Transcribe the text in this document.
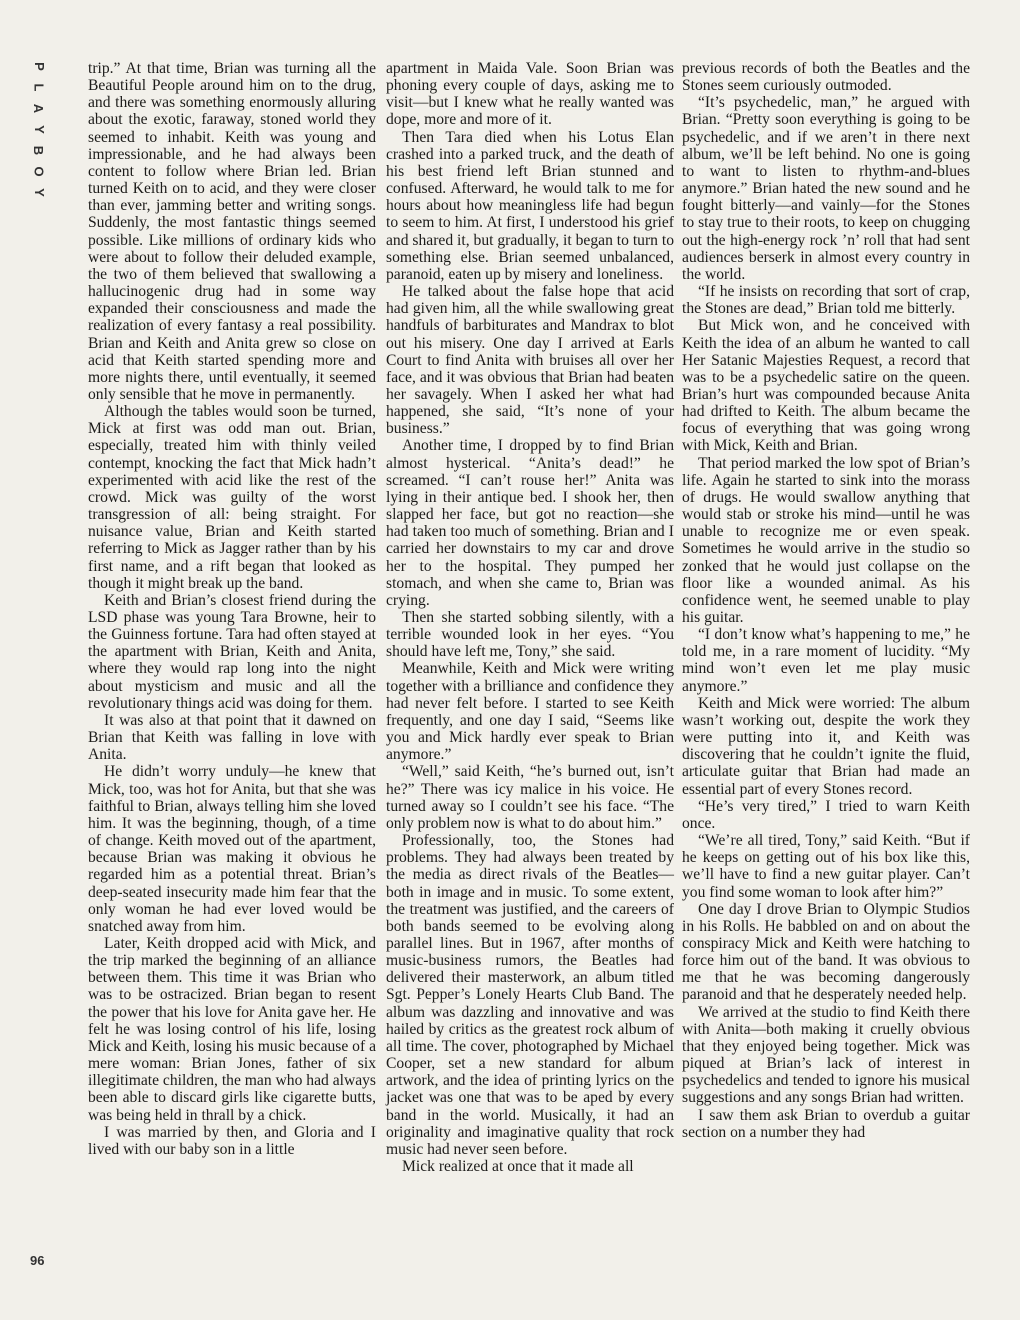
P
L
A
Y
B
O
Y
96

trip.” At that time, Brian was turning all the Beautiful People around him on to the drug, and there was something enormously alluring about the exotic, faraway, stoned world they seemed to inhabit. Keith was young and impressionable, and he had always been content to follow where Brian led. Brian turned Keith on to acid, and they were closer than ever, jamming better and writing songs. Suddenly, the most fantastic things seemed possible. Like millions of ordinary kids who were about to follow their deluded example, the two of them believed that swallowing a hallucinogenic drug had in some way expanded their consciousness and made the realization of every fantasy a real possibility. Brian and Keith and Anita grew so close on acid that Keith started spending more and more nights there, until eventually, it seemed only sensible that he move in permanently.

Although the tables would soon be turned, Mick at first was odd man out. Brian, especially, treated him with thinly veiled contempt, knocking the fact that Mick hadn’t experimented with acid like the rest of the crowd. Mick was guilty of the worst transgression of all: being straight. For nuisance value, Brian and Keith started referring to Mick as Jagger rather than by his first name, and a rift began that looked as though it might break up the band.

Keith and Brian’s closest friend during the LSD phase was young Tara Browne, heir to the Guinness fortune. Tara had often stayed at the apartment with Brian, Keith and Anita, where they would rap long into the night about mysticism and music and all the revolutionary things acid was doing for them.

It was also at that point that it dawned on Brian that Keith was falling in love with Anita.

He didn’t worry unduly—he knew that Mick, too, was hot for Anita, but that she was faithful to Brian, always telling him she loved him. It was the beginning, though, of a time of change. Keith moved out of the apartment, because Brian was making it obvious he regarded him as a potential threat. Brian’s deep-seated insecurity made him fear that the only woman he had ever loved would be snatched away from him.

Later, Keith dropped acid with Mick, and the trip marked the beginning of an alliance between them. This time it was Brian who was to be ostracized. Brian began to resent the power that his love for Anita gave her. He felt he was losing control of his life, losing Mick and Keith, losing his music because of a mere woman: Brian Jones, father of six illegitimate children, the man who had always been able to discard girls like cigarette butts, was being held in thrall by a chick.

I was married by then, and Gloria and I lived with our baby son in a little

apartment in Maida Vale. Soon Brian was phoning every couple of days, asking me to visit—but I knew what he really wanted was dope, more and more of it.

Then Tara died when his Lotus Elan crashed into a parked truck, and the death of his best friend left Brian stunned and confused. Afterward, he would talk to me for hours about how meaningless life had begun to seem to him. At first, I understood his grief and shared it, but gradually, it began to turn to something else. Brian seemed unbalanced, paranoid, eaten up by misery and loneliness.

He talked about the false hope that acid had given him, all the while swallowing great handfuls of barbiturates and Mandrax to blot out his misery. One day I arrived at Earls Court to find Anita with bruises all over her face, and it was obvious that Brian had beaten her savagely. When I asked her what had happened, she said, “It’s none of your business.”

Another time, I dropped by to find Brian almost hysterical. “Anita’s dead!” he screamed. “I can’t rouse her!” Anita was lying in their antique bed. I shook her, then slapped her face, but got no reaction—she had taken too much of something. Brian and I carried her downstairs to my car and drove her to the hospital. They pumped her stomach, and when she came to, Brian was crying.

Then she started sobbing silently, with a terrible wounded look in her eyes. “You should have left me, Tony,” she said.

Meanwhile, Keith and Mick were writing together with a brilliance and confidence they had never felt before. I started to see Keith frequently, and one day I said, “Seems like you and Mick hardly ever speak to Brian anymore.”

“Well,” said Keith, “he’s burned out, isn’t he?” There was icy malice in his voice. He turned away so I couldn’t see his face. “The only problem now is what to do about him.”

Professionally, too, the Stones had problems. They had always been treated by the media as direct rivals of the Beatles—both in image and in music. To some extent, the treatment was justified, and the careers of both bands seemed to be evolving along parallel lines. But in 1967, after months of music-business rumors, the Beatles had delivered their masterwork, an album titled Sgt. Pepper’s Lonely Hearts Club Band. The album was dazzling and innovative and was hailed by critics as the greatest rock album of all time. The cover, photographed by Michael Cooper, set a new standard for album artwork, and the idea of printing lyrics on the jacket was one that was to be aped by every band in the world. Musically, it had an originality and imaginative quality that rock music had never seen before.

Mick realized at once that it made all

previous records of both the Beatles and the Stones seem curiously outmoded.

“It’s psychedelic, man,” he argued with Brian. “Pretty soon everything is going to be psychedelic, and if we aren’t in there next album, we’ll be left behind. No one is going to want to listen to rhythm-and-blues anymore.” Brian hated the new sound and he fought bitterly—and vainly—for the Stones to stay true to their roots, to keep on chugging out the high-energy rock ’n’ roll that had sent audiences berserk in almost every country in the world.

“If he insists on recording that sort of crap, the Stones are dead,” Brian told me bitterly.

But Mick won, and he conceived with Keith the idea of an album he wanted to call Her Satanic Majesties Request, a record that was to be a psychedelic satire on the queen. Brian’s hurt was compounded because Anita had drifted to Keith. The album became the focus of everything that was going wrong with Mick, Keith and Brian.

That period marked the low spot of Brian’s life. Again he started to sink into the morass of drugs. He would swallow anything that would stab or stroke his mind—until he was unable to recognize me or even speak. Sometimes he would arrive in the studio so zonked that he would just collapse on the floor like a wounded animal. As his confidence went, he seemed unable to play his guitar.

“I don’t know what’s happening to me,” he told me, in a rare moment of lucidity. “My mind won’t even let me play music anymore.”

Keith and Mick were worried: The album wasn’t working out, despite the work they were putting into it, and Keith was discovering that he couldn’t ignite the fluid, articulate guitar that Brian had made an essential part of every Stones record.

“He’s very tired,” I tried to warn Keith once.

“We’re all tired, Tony,” said Keith. “But if he keeps on getting out of his box like this, we’ll have to find a new guitar player. Can’t you find some woman to look after him?”

One day I drove Brian to Olympic Studios in his Rolls. He babbled on and on about the conspiracy Mick and Keith were hatching to force him out of the band. It was obvious to me that he was becoming dangerously paranoid and that he desperately needed help.

We arrived at the studio to find Keith there with Anita—both making it cruelly obvious that they enjoyed being together. Mick was piqued at Brian’s lack of interest in psychedelics and tended to ignore his musical suggestions and any songs Brian had written.

I saw them ask Brian to overdub a guitar section on a number they had
